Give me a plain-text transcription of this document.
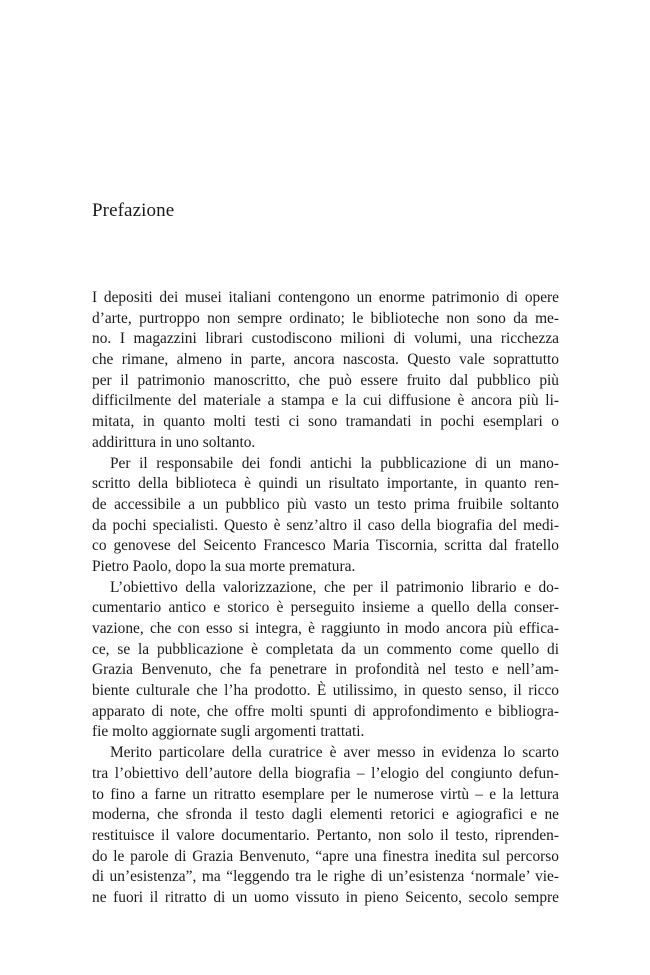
Prefazione
I depositi dei musei italiani contengono un enorme patrimonio di opere
d’arte, purtroppo non sempre ordinato; le biblioteche non sono da me-
no. I magazzini librari custodiscono milioni di volumi, una ricchezza
che rimane, almeno in parte, ancora nascosta. Questo vale soprattutto
per il patrimonio manoscritto, che può essere fruito dal pubblico più
difficilmente del materiale a stampa e la cui diffusione è ancora più li-
mitata, in quanto molti testi ci sono tramandati in pochi esemplari o
addirittura in uno soltanto.
Per il responsabile dei fondi antichi la pubblicazione di un mano-
scritto della biblioteca è quindi un risultato importante, in quanto ren-
de accessibile a un pubblico più vasto un testo prima fruibile soltanto
da pochi specialisti. Questo è senz’altro il caso della biografia del medi-
co genovese del Seicento Francesco Maria Tiscornia, scritta dal fratello
Pietro Paolo, dopo la sua morte prematura.
L’obiettivo della valorizzazione, che per il patrimonio librario e do-
cumentario antico e storico è perseguito insieme a quello della conser-
vazione, che con esso si integra, è raggiunto in modo ancora più effica-
ce, se la pubblicazione è completata da un commento come quello di
Grazia Benvenuto, che fa penetrare in profondità nel testo e nell’am-
biente culturale che l’ha prodotto. È utilissimo, in questo senso, il ricco
apparato di note, che offre molti spunti di approfondimento e bibliogra-
fie molto aggiornate sugli argomenti trattati.
Merito particolare della curatrice è aver messo in evidenza lo scarto
tra l’obiettivo dell’autore della biografia – l’elogio del congiunto defun-
to fino a farne un ritratto esemplare per le numerose virtù – e la lettura
moderna, che sfronda il testo dagli elementi retorici e agiografici e ne
restituisce il valore documentario. Pertanto, non solo il testo, riprenden-
do le parole di Grazia Benvenuto, “apre una finestra inedita sul percorso
di un’esistenza”, ma “leggendo tra le righe di un’esistenza ‘normale’ vie-
ne fuori il ritratto di un uomo vissuto in pieno Seicento, secolo sempre
